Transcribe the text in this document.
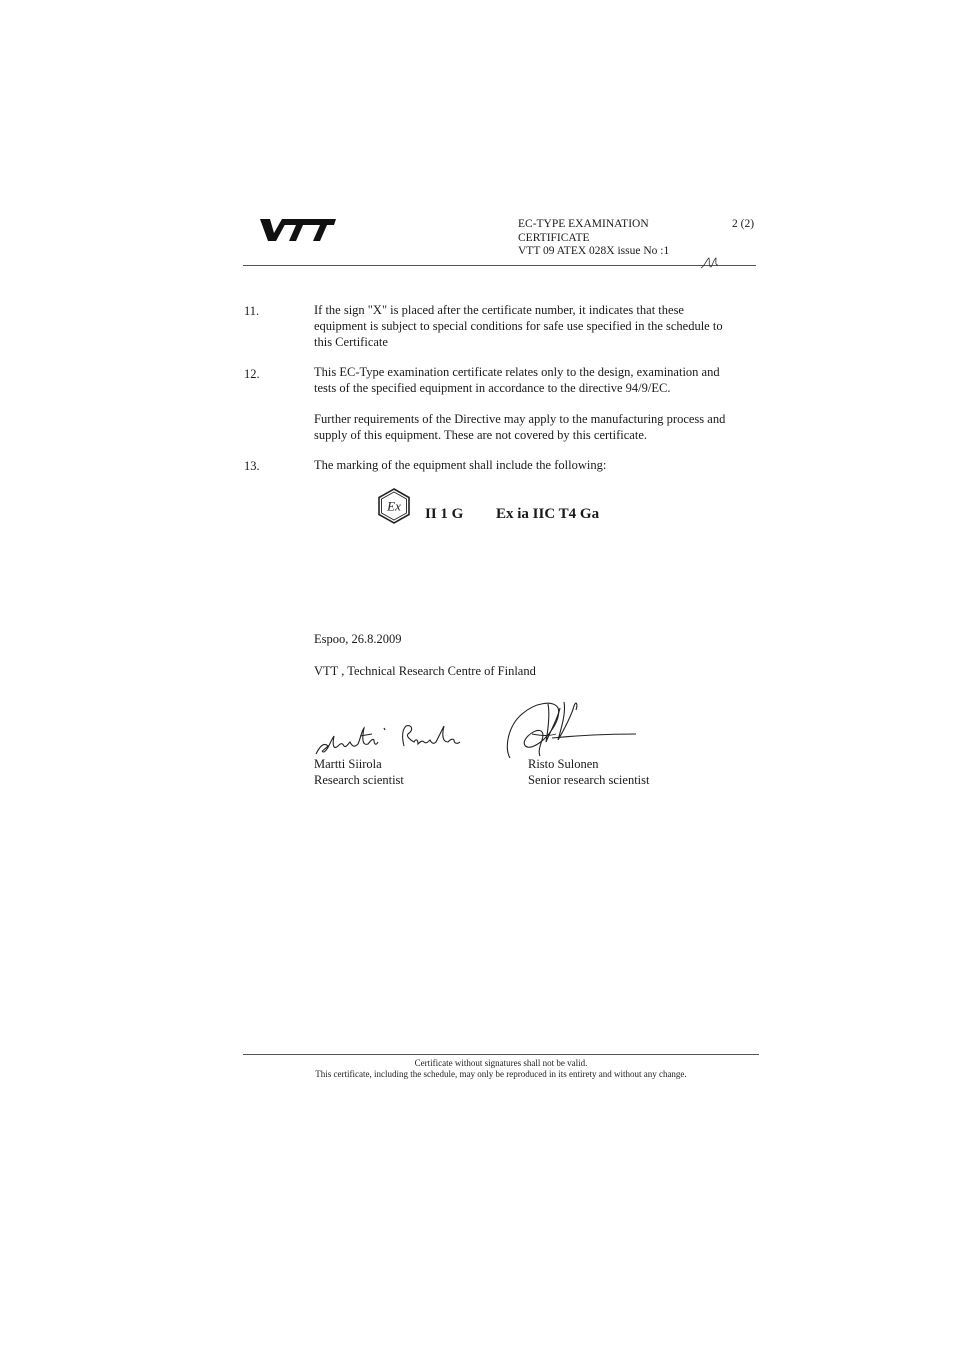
EC-TYPE EXAMINATION
CERTIFICATE
VTT 09 ATEX 028X issue No :1
2 (2)
11.	If the sign "X" is placed after the certificate number, it indicates that these
equipment is subject to special conditions for safe use specified in the schedule to
this Certificate
12.	This EC-Type examination certificate relates only to the design, examination and
tests of the specified equipment in accordance to the directive 94/9/EC.
Further requirements of the Directive may apply to the manufacturing process and
supply of this equipment. These are not covered by this certificate.
13.	The marking of the equipment shall include the following:
Ex II 1 G Ex ia IIC T4 Ga
Espoo, 26.8.2009
VTT , Technical Research Centre of Finland
Martti Siirola
Research scientist
Risto Sulonen
Senior research scientist
Certificate without signatures shall not be valid.
This certificate, including the schedule, may only be reproduced in its entirety and without any change.
